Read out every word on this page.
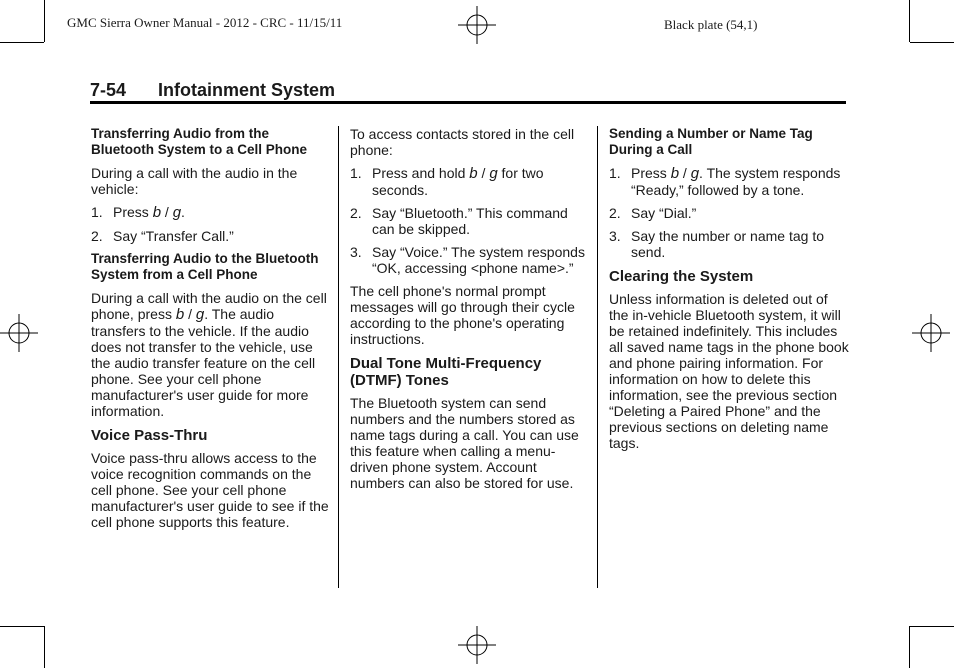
GMC Sierra Owner Manual - 2012 - CRC - 11/15/11	Black plate (54,1)
7-54 Infotainment System
Transferring Audio from the Bluetooth System to a Cell Phone

During a call with the audio in the vehicle:

1. Press b / g.
2. Say “Transfer Call.”
Transferring Audio to the Bluetooth System from a Cell Phone

During a call with the audio on the cell phone, press b / g. The audio transfers to the vehicle. If the audio does not transfer to the vehicle, use the audio transfer feature on the cell phone. See your cell phone manufacturer's user guide for more information.

Voice Pass-Thru

Voice pass-thru allows access to the voice recognition commands on the cell phone. See your cell phone manufacturer's user guide to see if the cell phone supports this feature.

To access contacts stored in the cell phone:

1. Press and hold b / g for two seconds.
2. Say “Bluetooth.” This command can be skipped.
3. Say “Voice.” The system responds “OK, accessing <phone name>.”

The cell phone's normal prompt messages will go through their cycle according to the phone's operating instructions.

Dual Tone Multi-Frequency (DTMF) Tones

The Bluetooth system can send numbers and the numbers stored as name tags during a call. You can use this feature when calling a menu-driven phone system. Account numbers can also be stored for use.

Sending a Number or Name Tag During a Call
1. Press b / g. The system responds “Ready,” followed by a tone.
2. Say “Dial.”
3. Say the number or name tag to send.
Clearing the System

Unless information is deleted out of the in-vehicle Bluetooth system, it will be retained indefinitely. This includes all saved name tags in the phone book and phone pairing information. For information on how to delete this information, see the previous section “Deleting a Paired Phone” and the previous sections on deleting name tags.
